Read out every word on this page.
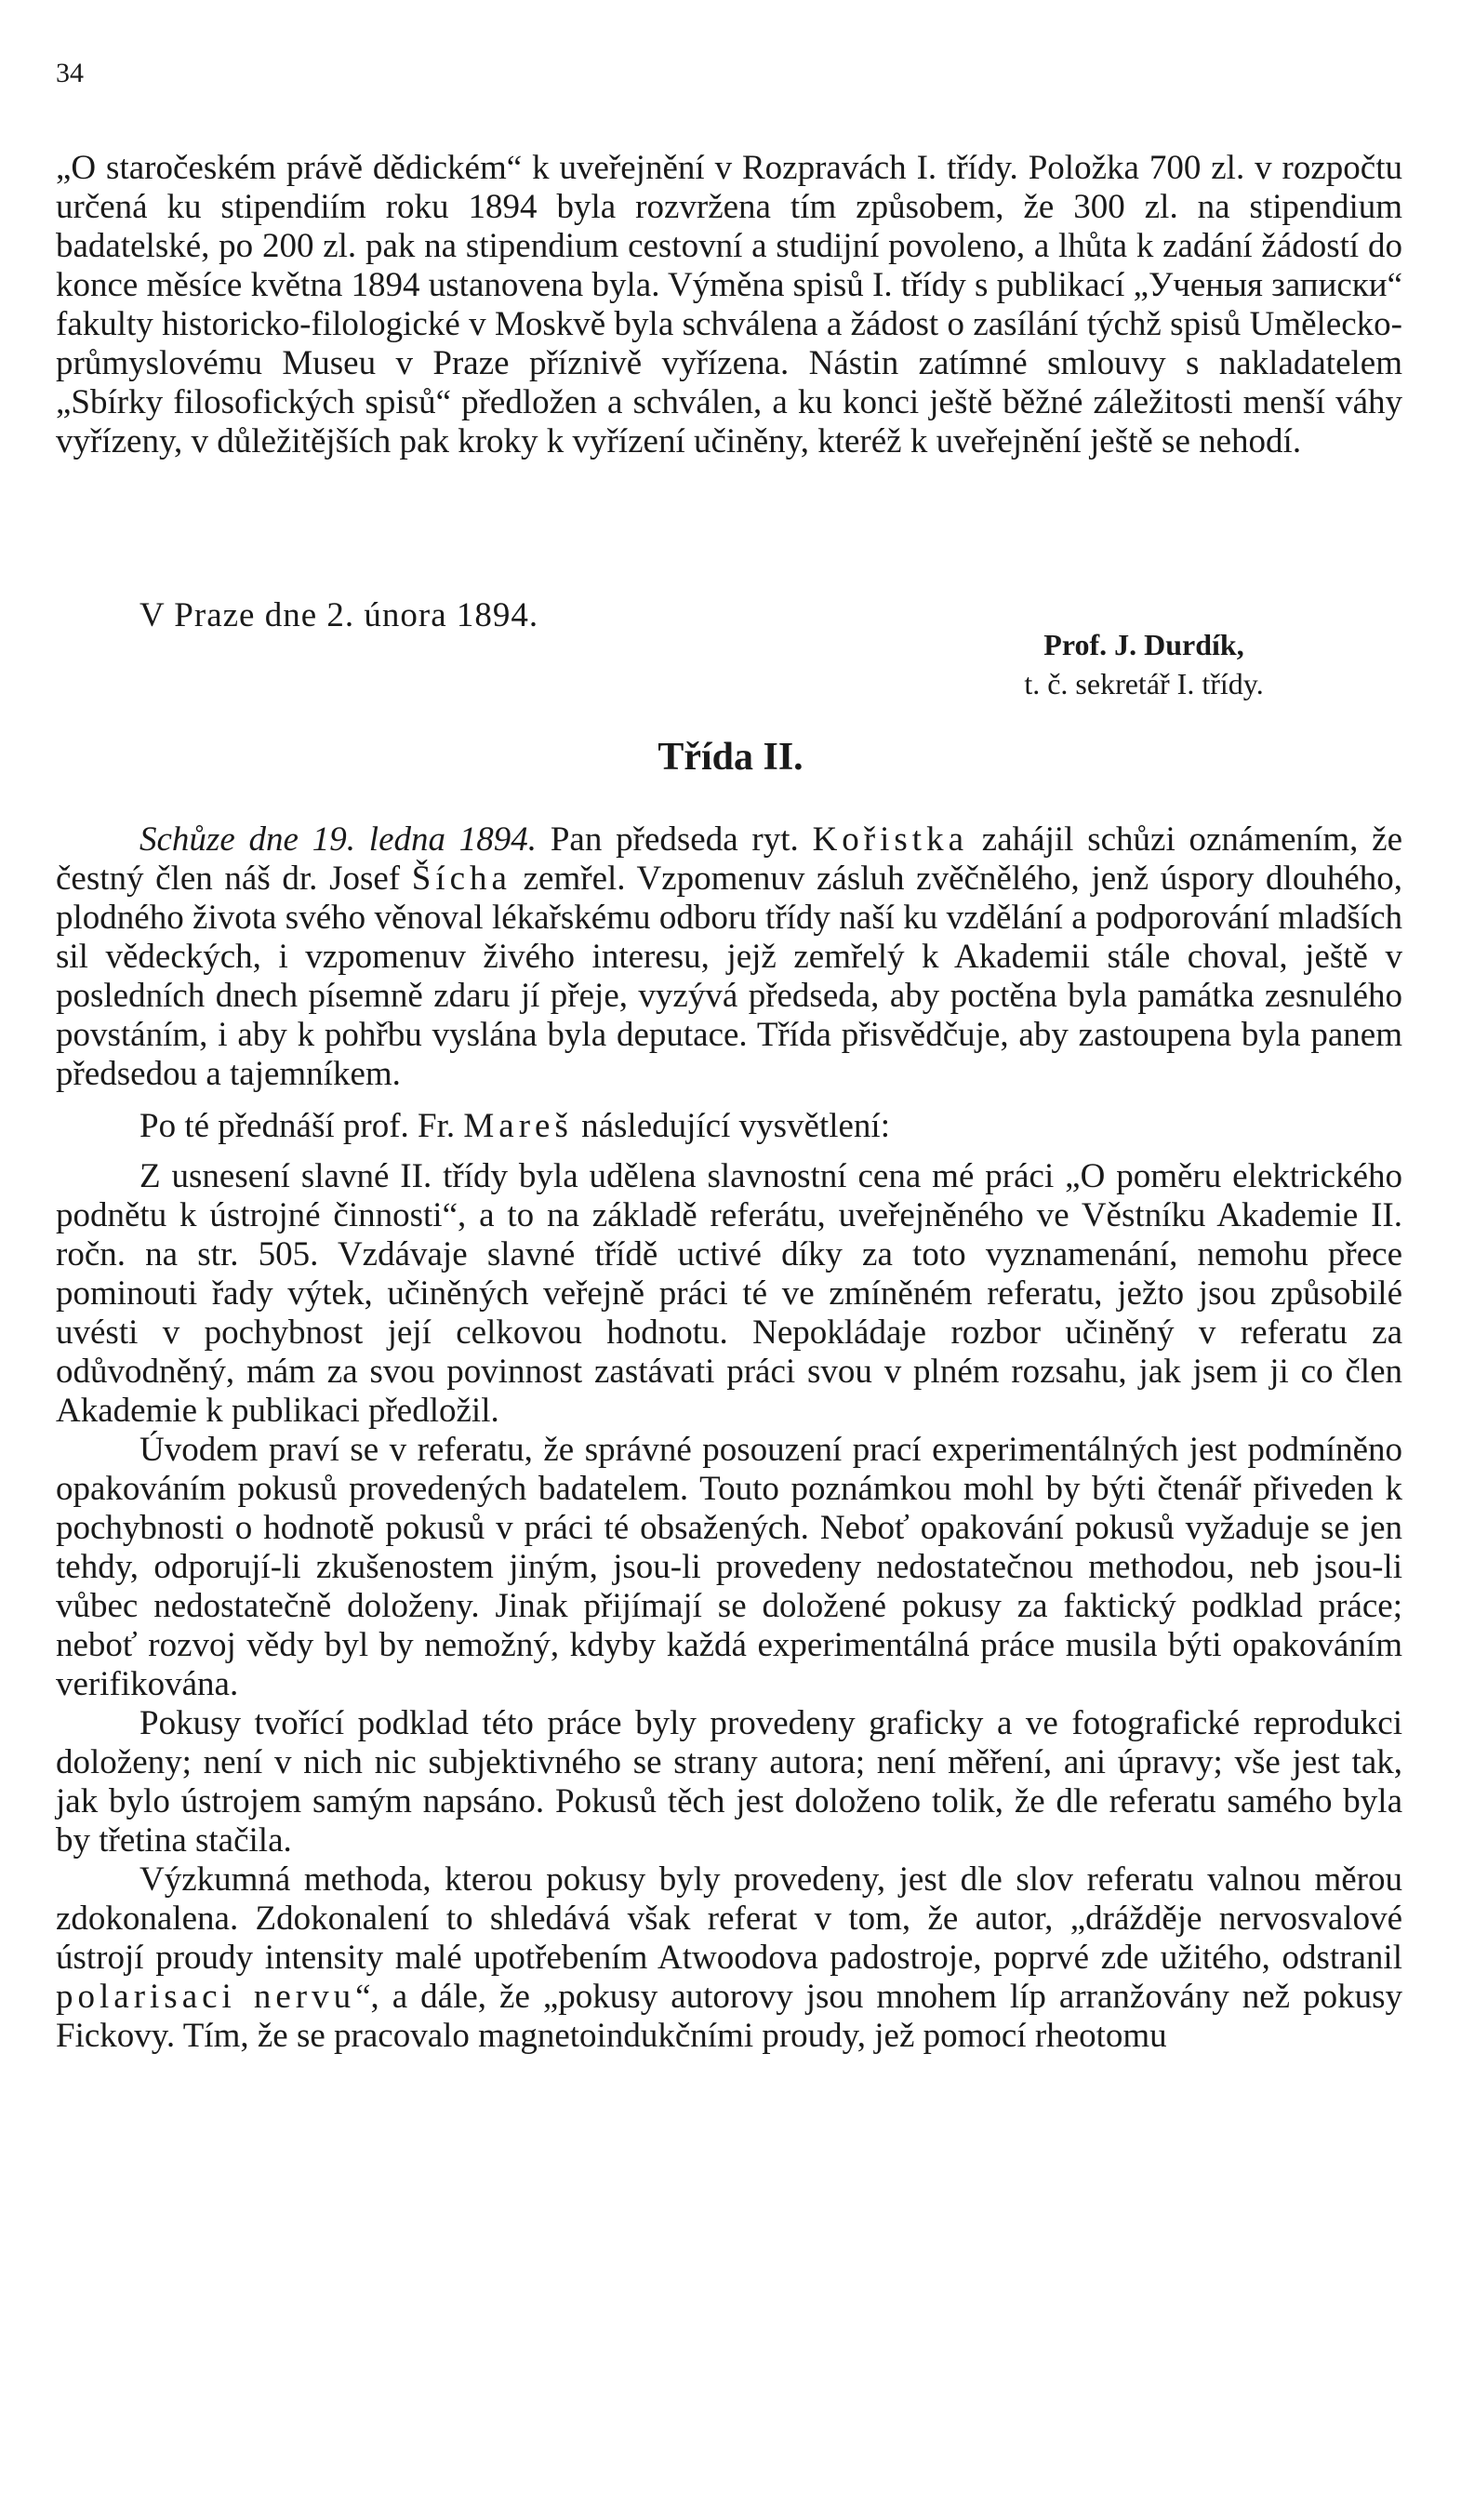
34

„O staročeském právě dědickém“ k uveřejnění v Rozpravách I. třídy. Položka 700 zl. v rozpočtu určená ku stipendiím roku 1894 byla rozvržena tím způsobem, že 300 zl. na stipendium badatelské, po 200 zl. pak na stipendium cestovní a studijní povoleno, a lhůta k zadání žádostí do konce měsíce května 1894 ustanovena byla. Výměna spisů I. třídy s publikací „Ученыя записки“ fakulty historicko-filologické v Moskvě byla schválena a žádost o zasílání týchž spisů Umělecko-průmyslovému Museu v Praze příznivě vyřízena. Nástin zatímné smlouvy s nakladatelem „Sbírky filosofických spisů“ předložen a schválen, a ku konci ještě běžné záležitosti menší váhy vyřízeny, v důležitějších pak kroky k vyřízení učiněny, kteréž k uveřejnění ještě se nehodí.

V Praze dne 2. února 1894.
Prof. J. Durdík,
t. č. sekretář I. třídy.
Třída II.

Schůze dne 19. ledna 1894. Pan předseda ryt. Kořistka zahájil schůzi oznámením, že čestný člen náš dr. Josef Šícha zemřel. Vzpomenuv zásluh zvěčnělého, jenž úspory dlouhého, plodného života svého věnoval lékařskému odboru třídy naší ku vzdělání a podporování mladších sil vědeckých, i vzpomenuv živého interesu, jejž zemřelý k Akademii stále choval, ještě v posledních dnech písemně zdaru jí přeje, vyzývá předseda, aby poctěna byla památka zesnulého povstáním, i aby k pohřbu vyslána byla deputace. Třída přisvědčuje, aby zastoupena byla panem předsedou a tajemníkem.

Po té přednáší prof. Fr. Mareš následující vysvětlení:

Z usnesení slavné II. třídy byla udělena slavnostní cena mé práci „O poměru elektrického podnětu k ústrojné činnosti“, a to na základě referátu, uveřejněného ve Věstníku Akademie II. ročn. na str. 505. Vzdávaje slavné třídě uctivé díky za toto vyznamenání, nemohu přece pominouti řady výtek, učiněných veřejně práci té ve zmíněném referatu, ježto jsou způsobilé uvésti v pochybnost její celkovou hodnotu. Nepokládaje rozbor učiněný v referatu za odůvodněný, mám za svou povinnost zastávati práci svou v plném rozsahu, jak jsem ji co člen Akademie k publikaci předložil.

Úvodem praví se v referatu, že správné posouzení prací experimentálných jest podmíněno opakováním pokusů provedených badatelem. Touto poznámkou mohl by býti čtenář přiveden k pochybnosti o hodnotě pokusů v práci té obsažených. Neboť opakování pokusů vyžaduje se jen tehdy, odporují-li zkušenostem jiným, jsou-li provedeny nedostatečnou methodou, neb jsou-li vůbec nedostatečně doloženy. Jinak přijímají se doložené pokusy za faktický podklad práce; neboť rozvoj vědy byl by nemožný, kdyby každá experimentálná práce musila býti opakováním verifikována.

Pokusy tvořící podklad této práce byly provedeny graficky a ve fotografické reprodukci doloženy; není v nich nic subjektivného se strany autora; není měření, ani úpravy; vše jest tak, jak bylo ústrojem samým napsáno. Pokusů těch jest doloženo tolik, že dle referatu samého byla by třetina stačila.

Výzkumná methoda, kterou pokusy byly provedeny, jest dle slov referatu valnou měrou zdokonalena. Zdokonalení to shledává však referat v tom, že autor, „drážděje nervosvalové ústrojí proudy intensity malé upotřebením Atwoodova padostroje, poprvé zde užitého, odstranil polarisaci nervu“, a dále, že „pokusy autorovy jsou mnohem líp arranžovány než pokusy Fickovy. Tím, že se pracovalo magnetoindukčními proudy, jež pomocí rheotomu
